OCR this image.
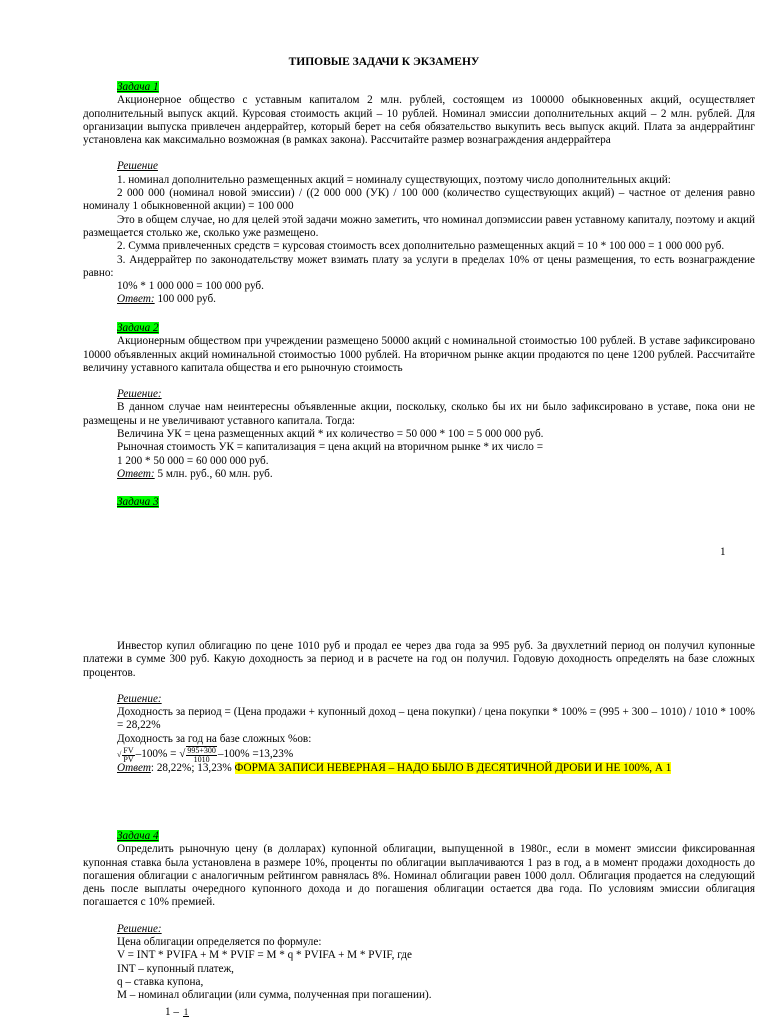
ТИПОВЫЕ ЗАДАЧИ К ЭКЗАМЕНУ

Задача 1

Акционерное общество с уставным капиталом 2 млн. рублей, состоящем из 100000 обыкновенных акций, осуществляет дополнительный выпуск акций. Курсовая стоимость акций – 10 рублей. Номинал эмиссии дополнительных акций – 2 млн. рублей. Для организации выпуска привлечен андеррайтер, который берет на себя обязательство выкупить весь выпуск акций. Плата за андеррайтинг установлена как максимально возможная (в рамках закона). Рассчитайте размер вознаграждения андеррайтера

Решение

1. номинал дополнительно размещенных акций = номиналу существующих, поэтому число дополнительных акций:

2 000 000 (номинал новой эмиссии) / ((2 000 000 (УК) / 100 000 (количество существующих акций) – частное от деления равно номиналу 1 обыкновенной акции) = 100 000

Это в общем случае, но для целей этой задачи можно заметить, что номинал допэмиссии равен уставному капиталу, поэтому и акций размещается столько же, сколько уже размещено.

2. Сумма привлеченных средств = курсовая стоимость всех дополнительно размещенных акций = 10 * 100 000 = 1 000 000 руб.

3. Андеррайтер по законодательству может взимать плату за услуги в пределах 10% от цены размещения, то есть вознаграждение равно:

10% * 1 000 000 = 100 000 руб.

Ответ: 100 000 руб.

Задача 2

Акционерным обществом при учреждении размещено 50000 акций с номинальной стоимостью 100 рублей. В уставе зафиксировано 10000 объявленных акций номинальной стоимостью 1000 рублей. На вторичном рынке акции продаются по цене 1200 рублей. Рассчитайте величину уставного капитала общества и его рыночную стоимость

Решение:

В данном случае нам неинтересны объявленные акции, поскольку, сколько бы их ни было зафиксировано в уставе, пока они не размещены и не увеличивают уставного капитала. Тогда:

Величина УК = цена размещенных акций * их количество = 50 000 * 100 = 5 000 000 руб.

Рыночная стоимость УК = капитализация = цена акций на вторичном рынке * их число =

1 200 * 50 000 = 60 000 000 руб.

Ответ: 5 млн. руб., 60 млн. руб.

Задача 3

1

Инвестор купил облигацию по цене 1010 руб и продал ее через два года за 995 руб. За двухлетний период он получил купонные платежи в сумме 300 руб. Какую доходность за период и в расчете на год он получил. Годовую доходность определять на базе сложных процентов.

Решение:

Доходность за период = (Цена продажи + купонный доход – цена покупки) / цена покупки * 100% = (995 + 300 – 1010) / 1010 * 100% = 28,22%

Доходность за год на базе сложных %ов:

√ $\frac{FV}{PV} -100\%$ = √ $\frac{995+300}{1010} -100\% =13,23\%$

Ответ: 28,22%; 13,23% ФОРМА ЗАПИСИ НЕВЕРНАЯ – НАДО БЫЛО В ДЕСЯТИЧНОЙ ДРОБИ И НЕ 100%, А 1

Задача 4

Определить рыночную цену (в долларах) купонной облигации, выпущенной в 1980г., если в момент эмиссии фиксированная купонная ставка была установлена в размере 10%, проценты по облигации выплачиваются 1 раз в год, а в момент продажи доходность до погашения облигации с аналогичным рейтингом равнялась 8%. Номинал облигации равен 1000 долл. Облигация продается на следующий день после выплаты очередного купонного дохода и до погашения облигации остается два года. По условиям эмиссии облигация погашается с 10% премией.

Решение:

Цена облигации определяется по формуле:

V = INT * PVIFA + M * PVIF = M * q * PVIFA + M * PVIF, где

INT – купонный платеж,

q – ставка купона,

M – номинал облигации (или сумма, полученная при погашении).

1 – 1
